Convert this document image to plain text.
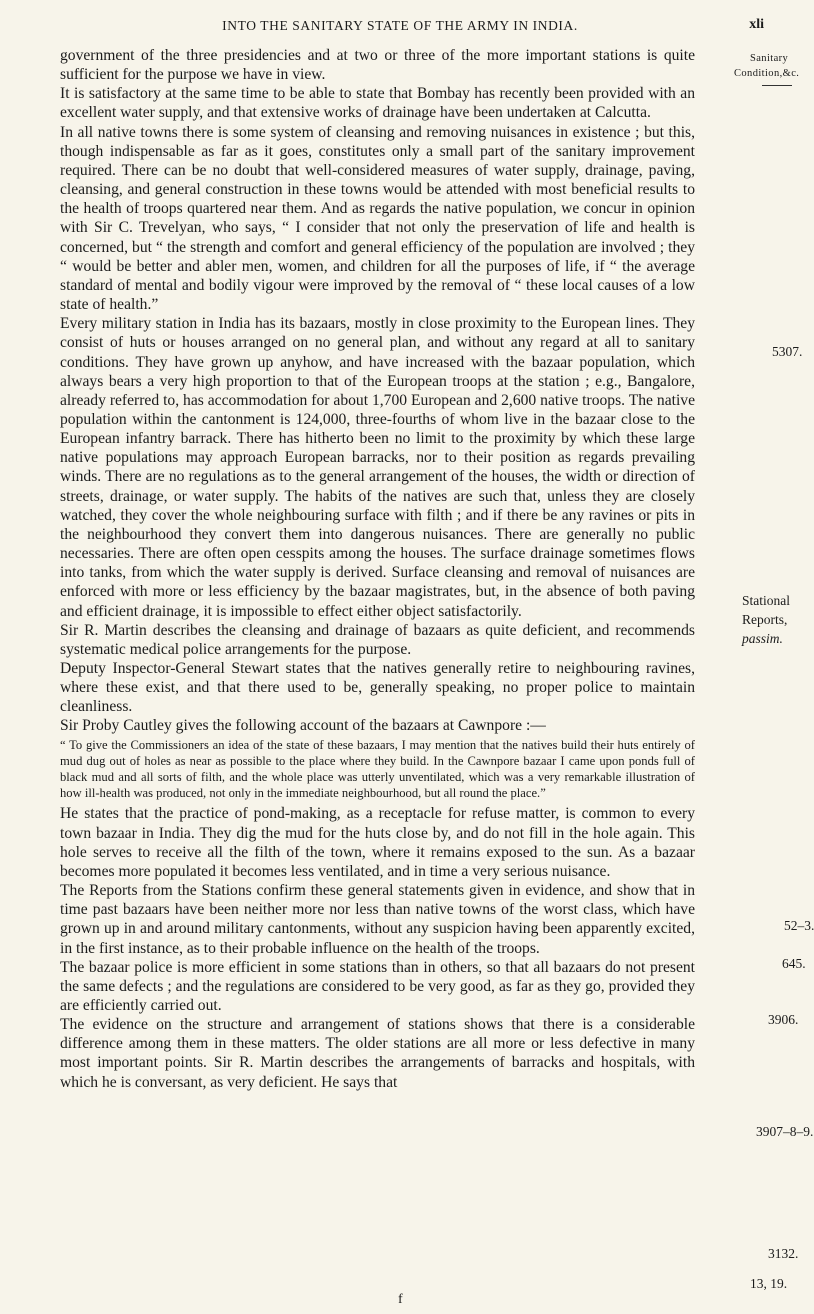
INTO THE SANITARY STATE OF THE ARMY IN INDIA.	xli

government of the three presidencies and at two or three of the more important stations is quite sufficient for the purpose we have in view.

It is satisfactory at the same time to be able to state that Bombay has recently been provided with an excellent water supply, and that extensive works of drainage have been undertaken at Calcutta.

In all native towns there is some system of cleansing and removing nuisances in existence ; but this, though indispensable as far as it goes, constitutes only a small part of the sanitary improvement required. There can be no doubt that well-considered measures of water supply, drainage, paving, cleansing, and general construction in these towns would be attended with most beneficial results to the health of troops quartered near them. And as regards the native population, we concur in opinion with Sir C. Trevelyan, who says, “ I consider that not only the preservation of life and health is concerned, but “ the strength and comfort and general efficiency of the population are involved ; they “ would be better and abler men, women, and children for all the purposes of life, if “ the average standard of mental and bodily vigour were improved by the removal of “ these local causes of a low state of health.”

Every military station in India has its bazaars, mostly in close proximity to the European lines. They consist of huts or houses arranged on no general plan, and without any regard at all to sanitary conditions. They have grown up anyhow, and have increased with the bazaar population, which always bears a very high proportion to that of the European troops at the station ; e.g., Bangalore, already referred to, has accommodation for about 1,700 European and 2,600 native troops. The native population within the cantonment is 124,000, three-fourths of whom live in the bazaar close to the European infantry barrack. There has hitherto been no limit to the proximity by which these large native populations may approach European barracks, nor to their position as regards prevailing winds. There are no regulations as to the general arrangement of the houses, the width or direction of streets, drainage, or water supply. The habits of the natives are such that, unless they are closely watched, they cover the whole neighbouring surface with filth ; and if there be any ravines or pits in the neighbourhood they convert them into dangerous nuisances. There are generally no public necessaries. There are often open cesspits among the houses. The surface drainage sometimes flows into tanks, from which the water supply is derived. Surface cleansing and removal of nuisances are enforced with more or less efficiency by the bazaar magistrates, but, in the absence of both paving and efficient drainage, it is impossible to effect either object satisfactorily.

Sir R. Martin describes the cleansing and drainage of bazaars as quite deficient, and recommends systematic medical police arrangements for the purpose.

Deputy Inspector-General Stewart states that the natives generally retire to neighbouring ravines, where these exist, and that there used to be, generally speaking, no proper police to maintain cleanliness.

Sir Proby Cautley gives the following account of the bazaars at Cawnpore :—

“ To give the Commissioners an idea of the state of these bazaars, I may mention that the natives build their huts entirely of mud dug out of holes as near as possible to the place where they build. In the Cawnpore bazaar I came upon ponds full of black mud and all sorts of filth, and the whole place was utterly unventilated, which was a very remarkable illustration of how ill-health was produced, not only in the immediate neighbourhood, but all round the place.”

He states that the practice of pond-making, as a receptacle for refuse matter, is common to every town bazaar in India. They dig the mud for the huts close by, and do not fill in the hole again. This hole serves to receive all the filth of the town, where it remains exposed to the sun. As a bazaar becomes more populated it becomes less ventilated, and in time a very serious nuisance.

The Reports from the Stations confirm these general statements given in evidence, and show that in time past bazaars have been neither more nor less than native towns of the worst class, which have grown up in and around military cantonments, without any suspicion having been apparently excited, in the first instance, as to their probable influence on the health of the troops.

The bazaar police is more efficient in some stations than in others, so that all bazaars do not present the same defects ; and the regulations are considered to be very good, as far as they go, provided they are efficiently carried out.

The evidence on the structure and arrangement of stations shows that there is a considerable difference among them in these matters. The older stations are all more or less defective in many most important points. Sir R. Martin describes the arrangements of barracks and hospitals, with which he is conversant, as very deficient. He says that

Sanitary
Condition,&c.
5307.
Stational
Reports,
passim.
52–3.
645.
3906.
3907–8–9.
3132.
13, 19.
f
